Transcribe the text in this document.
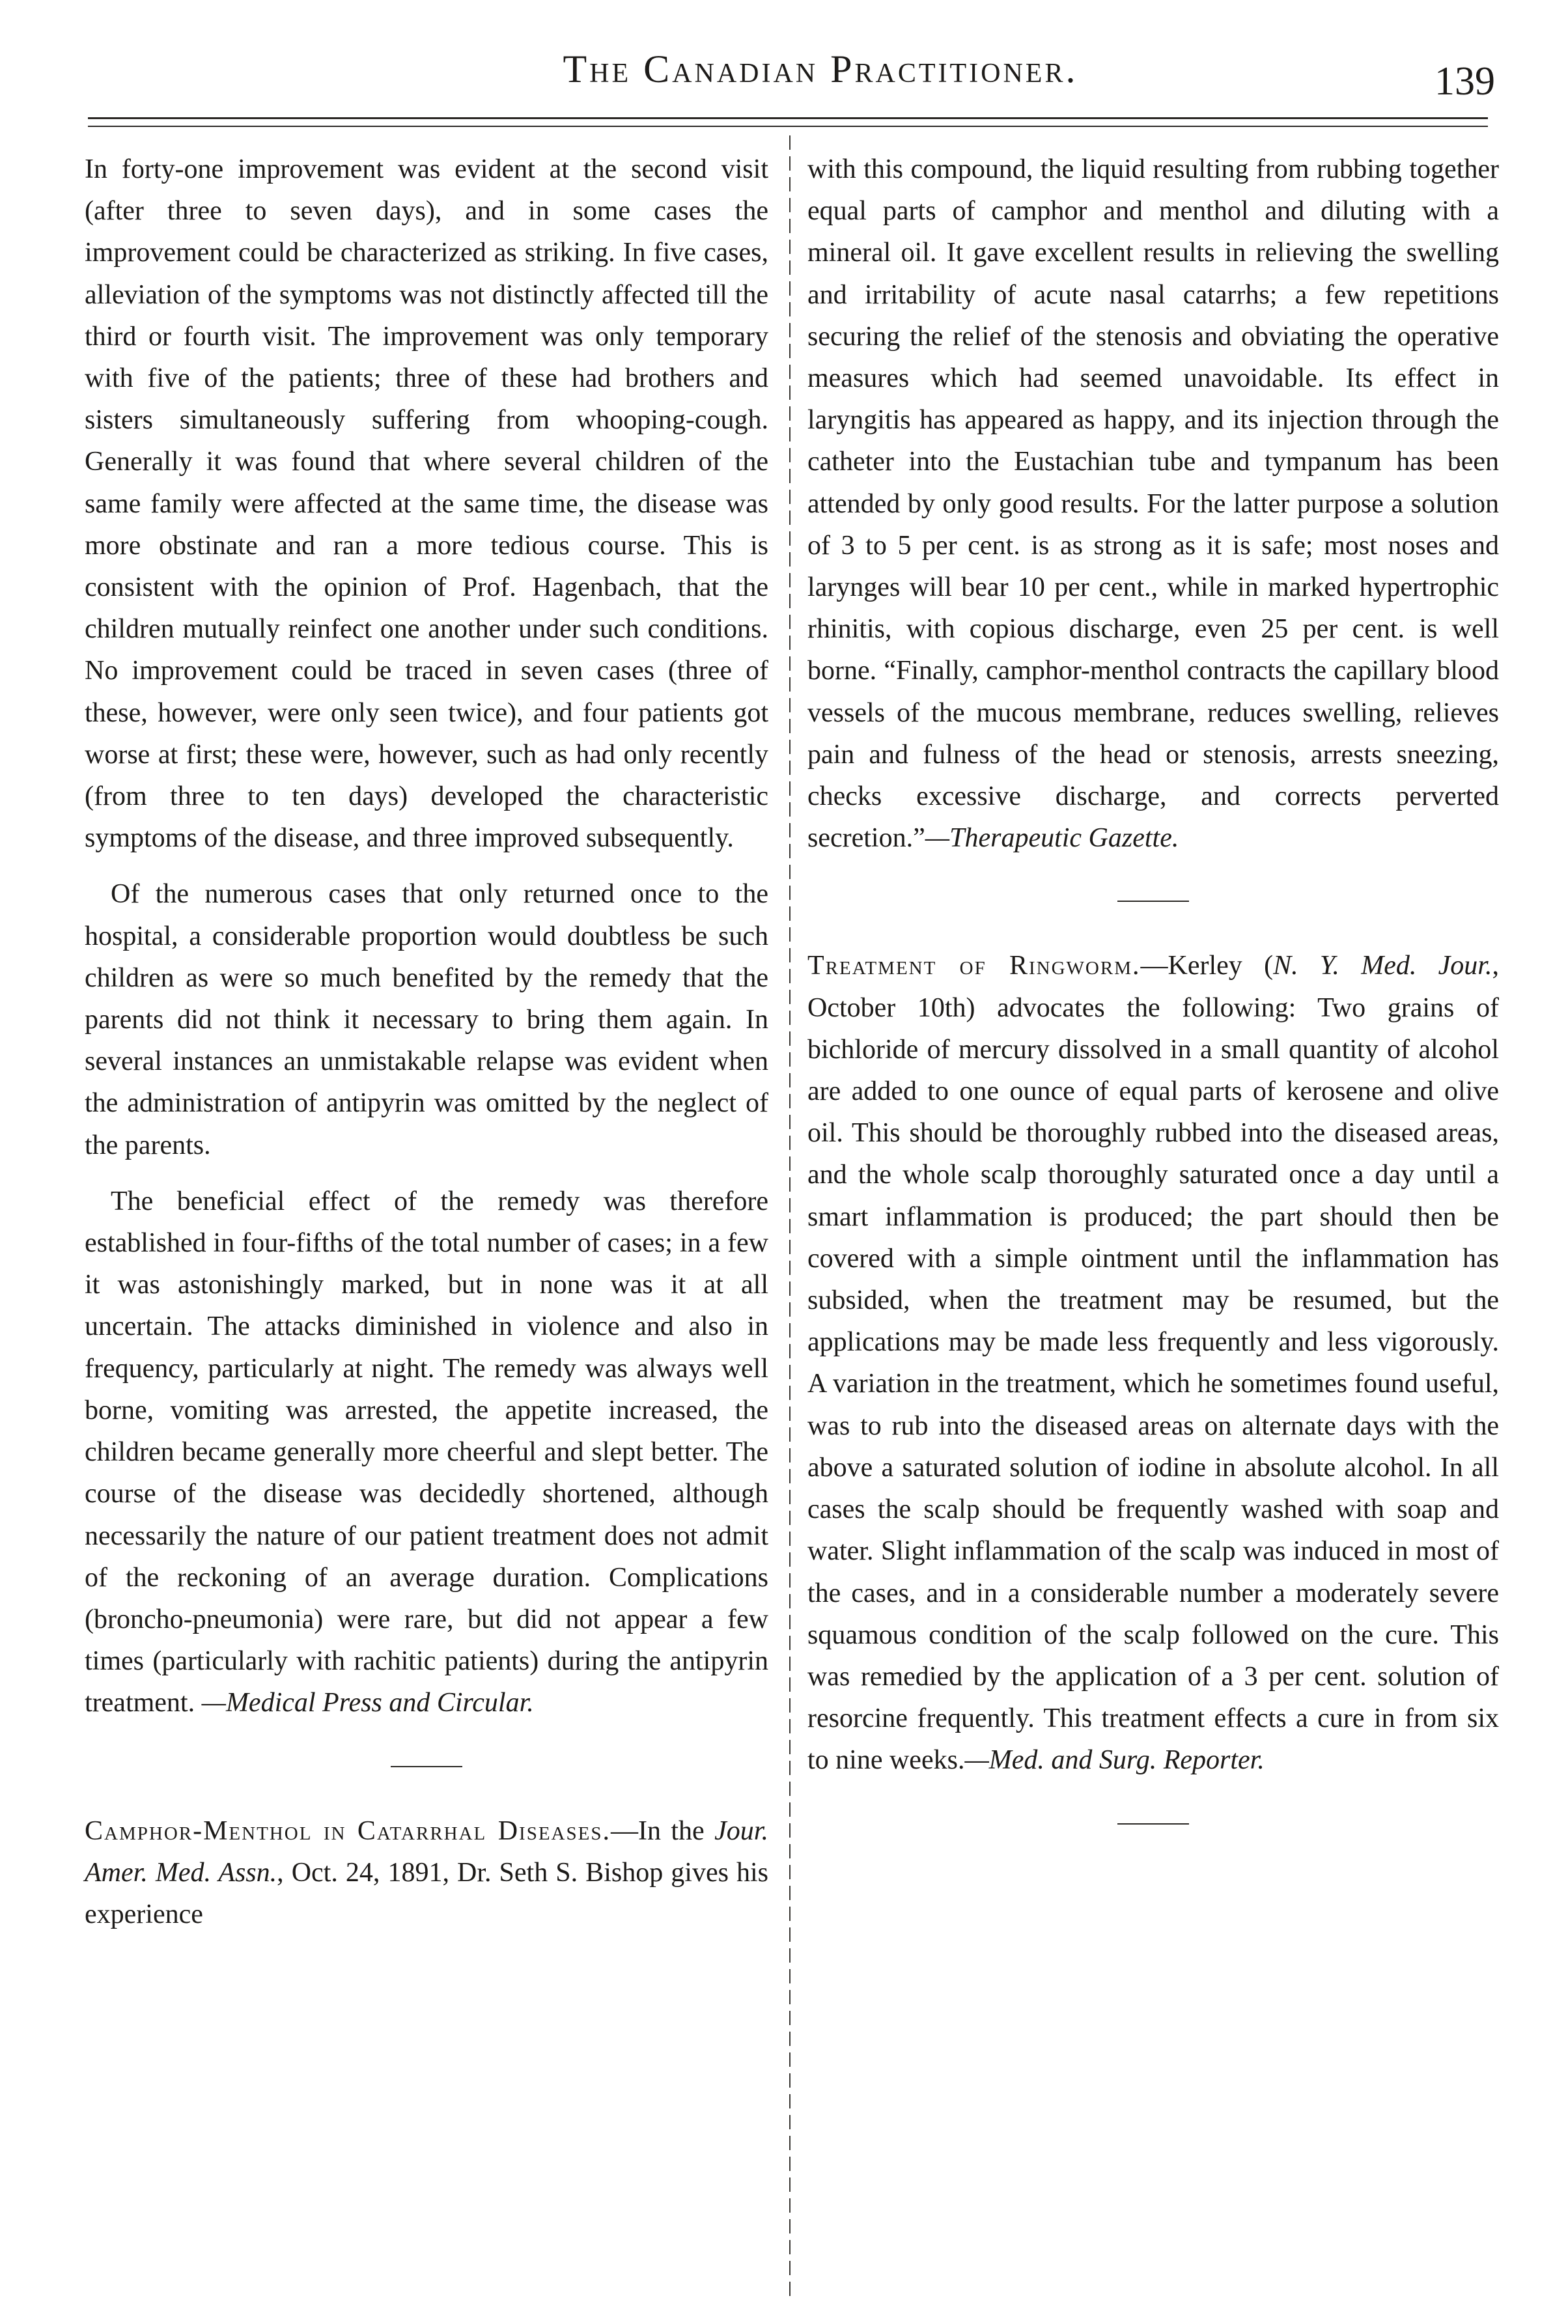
The Canadian Practitioner.	139

In forty-one improvement was evident at the second visit (after three to seven days), and in some cases the improvement could be characterized as striking. In five cases, alleviation of the symptoms was not distinctly affected till the third or fourth visit. The improvement was only temporary with five of the patients; three of these had brothers and sisters simultaneously suffering from whooping-cough. Generally it was found that where several children of the same family were affected at the same time, the disease was more obstinate and ran a more tedious course. This is consistent with the opinion of Prof. Hagenbach, that the children mutually reinfect one another under such conditions. No improvement could be traced in seven cases (three of these, however, were only seen twice), and four patients got worse at first; these were, however, such as had only recently (from three to ten days) developed the characteristic symptoms of the disease, and three improved subsequently.

Of the numerous cases that only returned once to the hospital, a considerable proportion would doubtless be such children as were so much benefited by the remedy that the parents did not think it necessary to bring them again. In several instances an unmistakable relapse was evident when the administration of antipyrin was omitted by the neglect of the parents.

The beneficial effect of the remedy was therefore established in four-fifths of the total number of cases; in a few it was astonishingly marked, but in none was it at all uncertain. The attacks diminished in violence and also in frequency, particularly at night. The remedy was always well borne, vomiting was arrested, the appetite increased, the children became generally more cheerful and slept better. The course of the disease was decidedly shortened, although necessarily the nature of our patient treatment does not admit of the reckoning of an average duration. Complications (broncho-pneumonia) were rare, but did not appear a few times (particularly with rachitic patients) during the antipyrin treatment. —Medical Press and Circular.

Camphor-Menthol in Catarrhal Diseases.—In the Jour. Amer. Med. Assn., Oct. 24, 1891, Dr. Seth S. Bishop gives his experience

with this compound, the liquid resulting from rubbing together equal parts of camphor and menthol and diluting with a mineral oil. It gave excellent results in relieving the swelling and irritability of acute nasal catarrhs; a few repetitions securing the relief of the stenosis and obviating the operative measures which had seemed unavoidable. Its effect in laryngitis has appeared as happy, and its injection through the catheter into the Eustachian tube and tympanum has been attended by only good results. For the latter purpose a solution of 3 to 5 per cent. is as strong as it is safe; most noses and larynges will bear 10 per cent., while in marked hypertrophic rhinitis, with copious discharge, even 25 per cent. is well borne. “Finally, camphor-menthol contracts the capillary blood vessels of the mucous membrane, reduces swelling, relieves pain and fulness of the head or stenosis, arrests sneezing, checks excessive discharge, and corrects perverted secretion.”—Therapeutic Gazette.

Treatment of Ringworm.—Kerley (N. Y. Med. Jour., October 10th) advocates the following: Two grains of bichloride of mercury dissolved in a small quantity of alcohol are added to one ounce of equal parts of kerosene and olive oil. This should be thoroughly rubbed into the diseased areas, and the whole scalp thoroughly saturated once a day until a smart inflammation is produced; the part should then be covered with a simple ointment until the inflammation has subsided, when the treatment may be resumed, but the applications may be made less frequently and less vigorously. A variation in the treatment, which he sometimes found useful, was to rub into the diseased areas on alternate days with the above a saturated solution of iodine in absolute alcohol. In all cases the scalp should be frequently washed with soap and water. Slight inflammation of the scalp was induced in most of the cases, and in a considerable number a moderately severe squamous condition of the scalp followed on the cure. This was remedied by the application of a 3 per cent. solution of resorcine frequently. This treatment effects a cure in from six to nine weeks.—Med. and Surg. Reporter.
